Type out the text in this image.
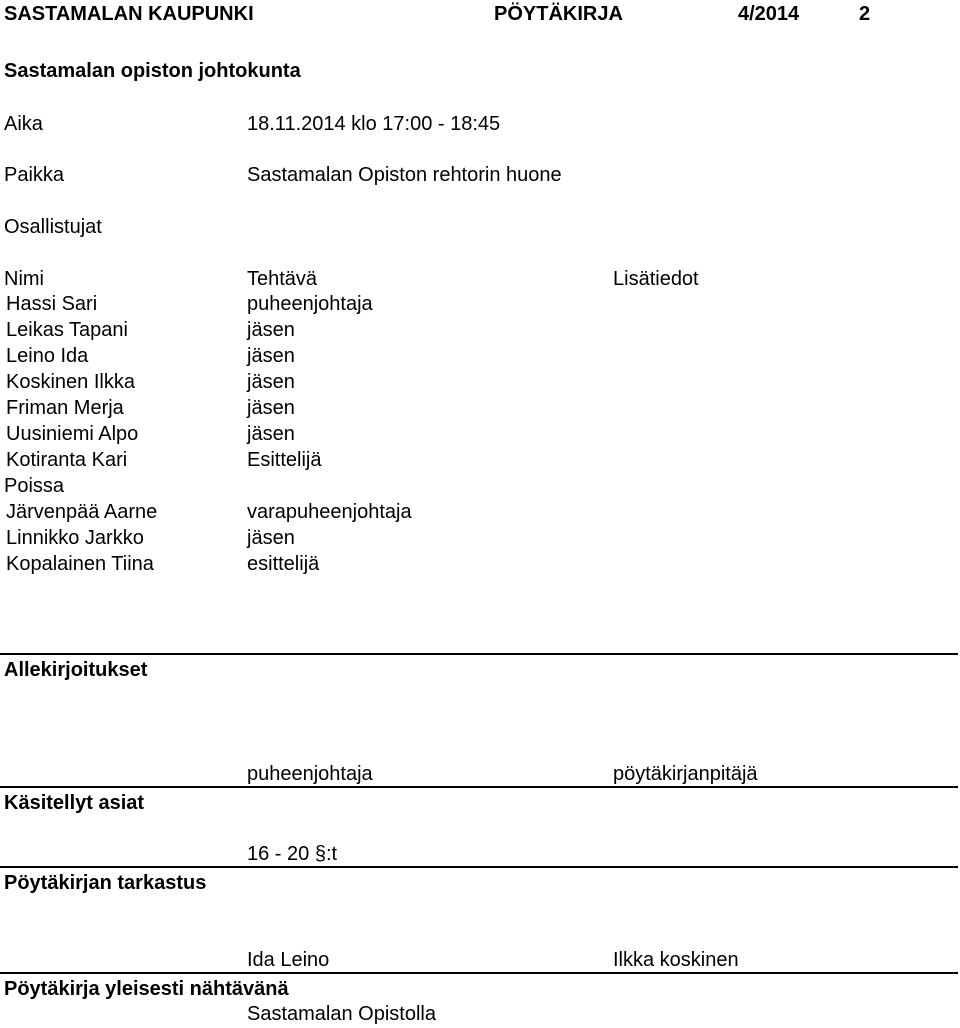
SASTAMALAN KAUPUNKI	PÖYTÄKIRJA	4/2014	2
Sastamalan opiston johtokunta
Aika	18.11.2014 klo 17:00 - 18:45
Paikka	Sastamalan Opiston rehtorin huone
Osallistujat
Nimi	Tehtävä	Lisätiedot
Hassi Sari	puheenjohtaja
Leikas Tapani	jäsen
Leino Ida	jäsen
Koskinen Ilkka	jäsen
Friman Merja	jäsen
Uusiniemi Alpo	jäsen
Kotiranta Kari	Esittelijä
Poissa
Järvenpää Aarne	varapuheenjohtaja
Linnikko Jarkko	jäsen
Kopalainen Tiina	esittelijä
Allekirjoitukset
puheenjohtaja	pöytäkirjanpitäjä
Käsitellyt asiat
16 - 20 §:t
Pöytäkirjan tarkastus
Ida Leino	Ilkka koskinen
Pöytäkirja yleisesti nähtävänä
Sastamalan Opistolla
